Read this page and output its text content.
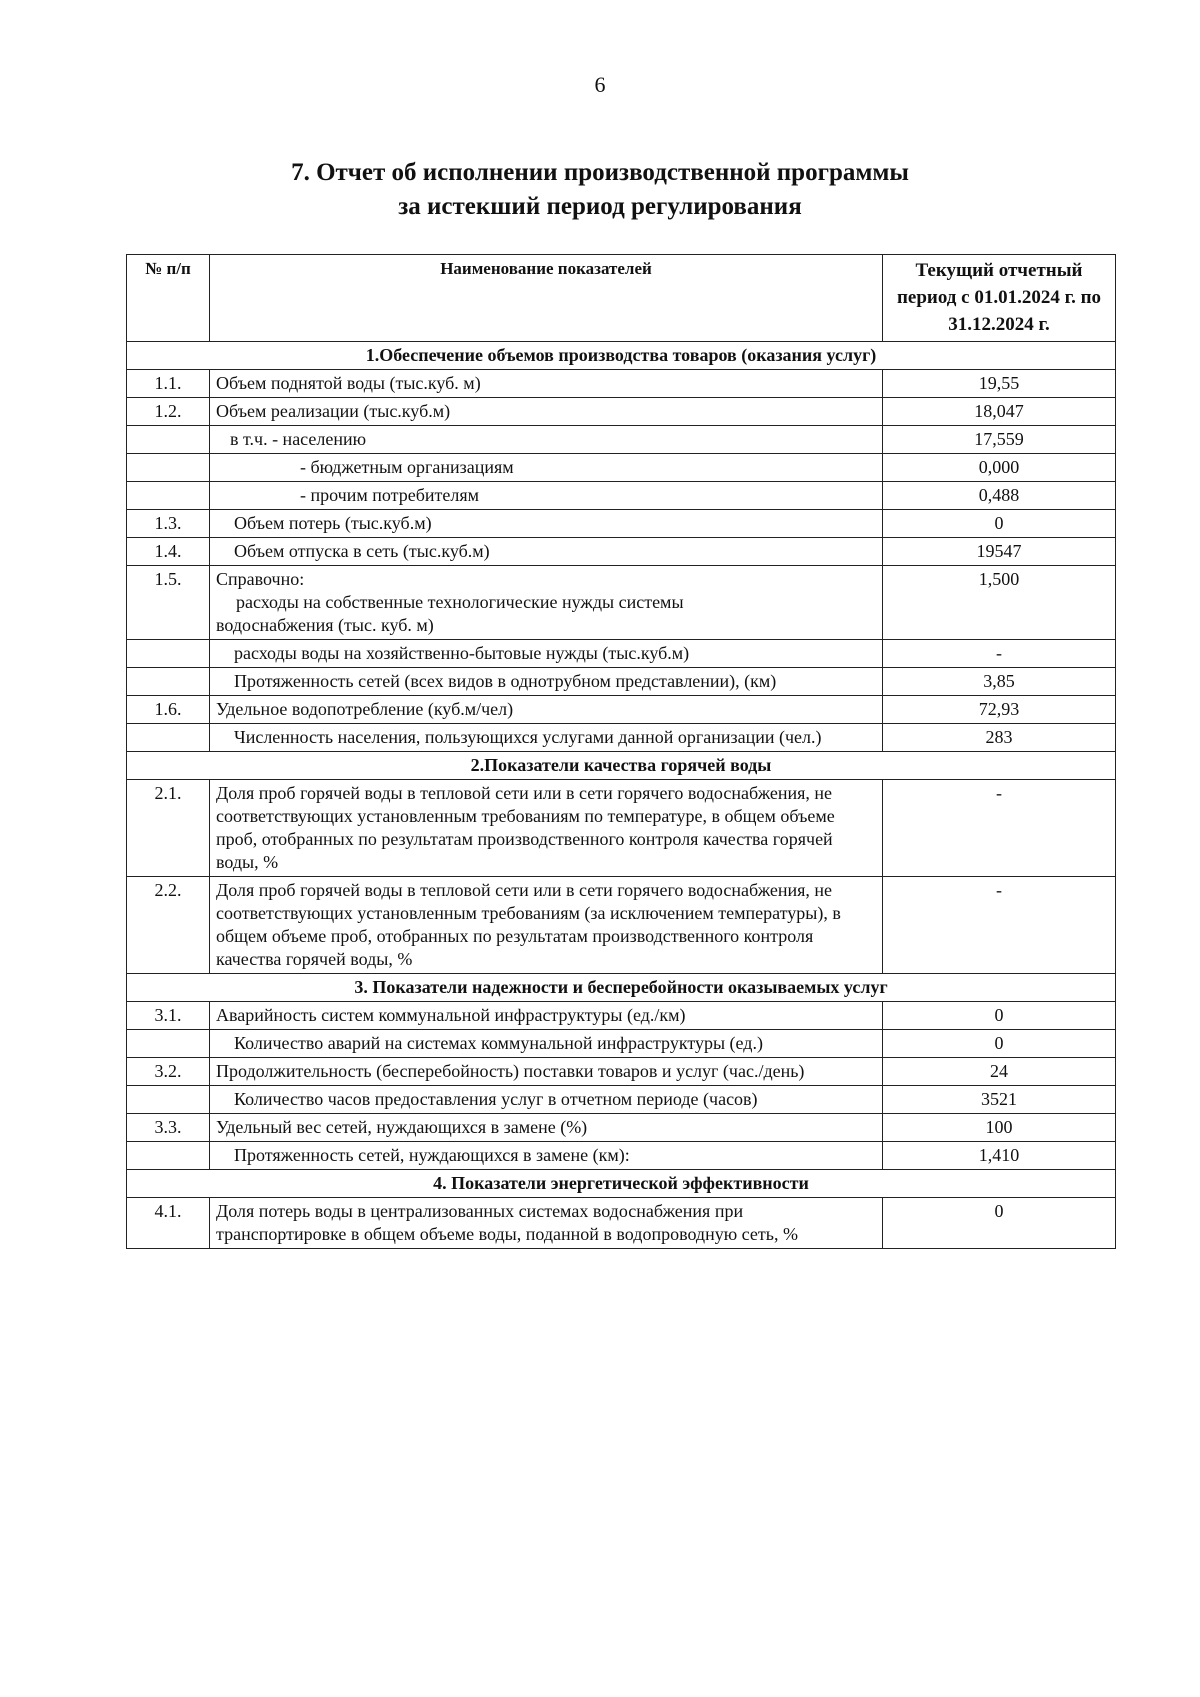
6
7. Отчет об исполнении производственной программы
за истекший период регулирования
№ п/п	Наименование показателей	Текущий отчетный период с 01.01.2024 г. по 31.12.2024 г.
1.Обеспечение объемов производства товаров (оказания услуг)		
1.1.	Объем поднятой воды (тыс.куб. м)	19,55
1.2.	Объем реализации (тыс.куб.м)	18,047
	в т.ч. - населению	17,559
	- бюджетным организациям	0,000
	- прочим потребителям	0,488
1.3.	Объем потерь (тыс.куб.м)	0
1.4.	Объем отпуска в сеть (тыс.куб.м)	19547
1.5.	Справочно:
расходы на собственные технологические нужды системы
водоснабжения (тыс. куб. м)	1,500
	расходы воды на хозяйственно-бытовые нужды (тыс.куб.м)	-
	Протяженность сетей (всех видов в однотрубном представлении), (км)	3,85
1.6.	Удельное водопотребление (куб.м/чел)	72,93
	Численность населения, пользующихся услугами данной организации (чел.)	283
2.Показатели качества горячей воды		
2.1.	Доля проб горячей воды в тепловой сети или в сети горячего водоснабжения, не соответствующих установленным требованиям по температуре, в общем объеме проб, отобранных по результатам производственного контроля качества горячей воды, %	-
2.2.	Доля проб горячей воды в тепловой сети или в сети горячего водоснабжения, не соответствующих установленным требованиям (за исключением температуры), в общем объеме проб, отобранных по результатам производственного контроля качества горячей воды, %	-
3. Показатели надежности и бесперебойности оказываемых услуг		
3.1.	Аварийность систем коммунальной инфраструктуры (ед./км)	0
	Количество аварий на системах коммунальной инфраструктуры (ед.)	0
3.2.	Продолжительность (бесперебойность) поставки товаров и услуг (час./день)	24
	Количество часов предоставления услуг в отчетном периоде (часов)	3521
3.3.	Удельный вес сетей, нуждающихся в замене (%)	100
	Протяженность сетей, нуждающихся в замене (км):	1,410
4. Показатели энергетической эффективности		
4.1.	Доля потерь воды в централизованных системах водоснабжения при транспортировке в общем объеме воды, поданной в водопроводную сеть, %	0
